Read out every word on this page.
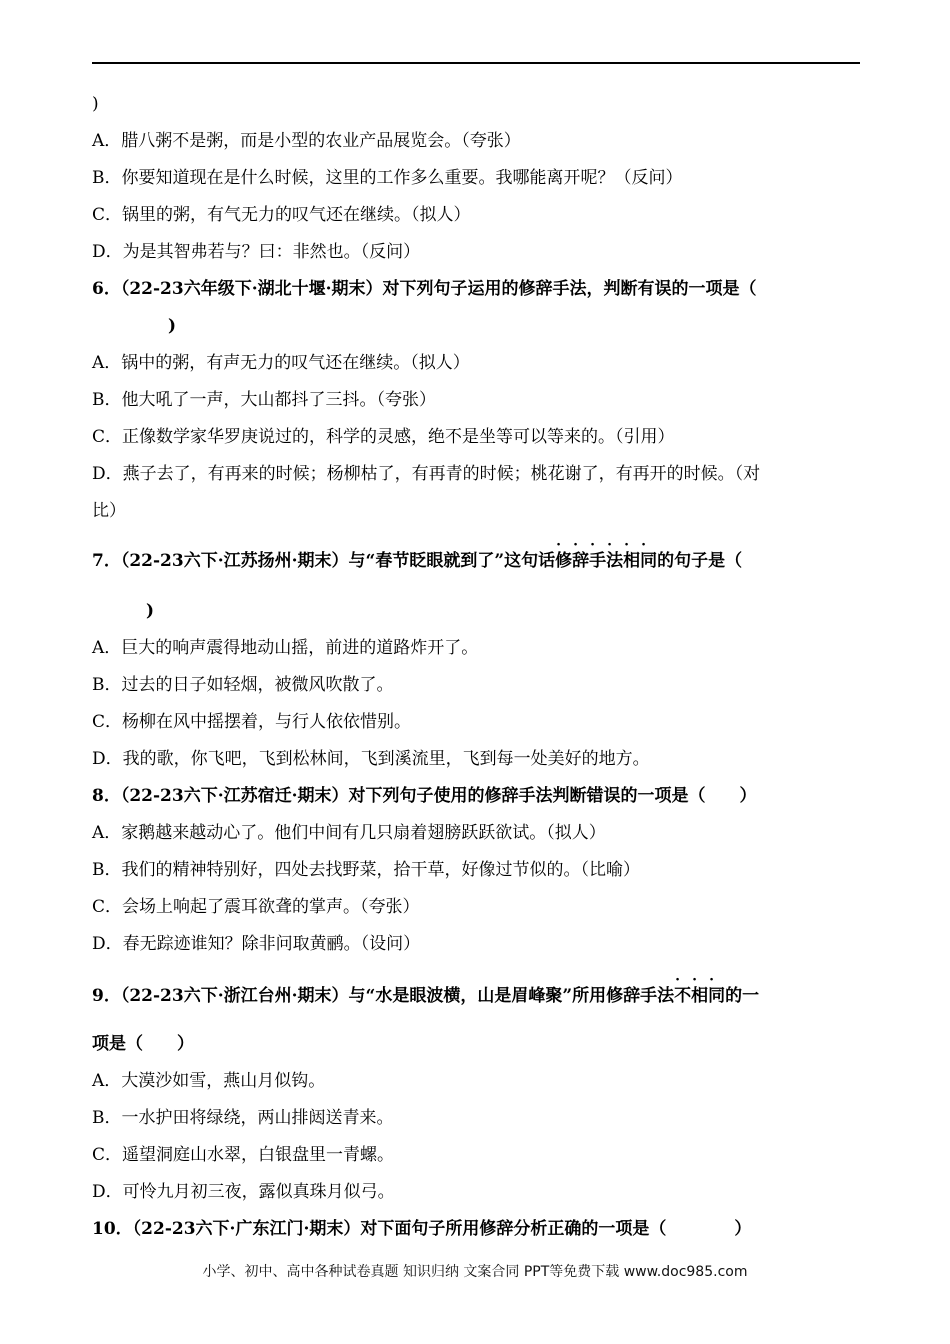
)
A．腊八粥不是粥，而是小型的农业产品展览会。（夸张）
B．你要知道现在是什么时候，这里的工作多么重要。我哪能离开呢？（反问）
C．锅里的粥，有气无力的叹气还在继续。（拟人）
D．为是其智弗若与？曰：非然也。（反问）
6．（22-23六年级下·湖北十堰·期末）对下列句子运用的修辞手法，判断有误的一项是（
)
A．锅中的粥，有声无力的叹气还在继续。（拟人）
B．他大吼了一声，大山都抖了三抖。（夸张）
C．正像数学家华罗庚说过的，科学的灵感，绝不是坐等可以等来的。（引用）
D．燕子去了，有再来的时候；杨柳枯了，有再青的时候；桃花谢了，有再开的时候。（对
比）
7．（22-23六下·江苏扬州·期末）与“春节眨眼就到了”这句话
· · · · · ·
修辞手法相同的句子是（
)
A．巨大的响声震得地动山摇，前进的道路炸开了。
B．过去的日子如轻烟，被微风吹散了。
C．杨柳在风中摇摆着，与行人依依惜别。
D．我的歌，你飞吧，飞到松林间，飞到溪流里，飞到每一处美好的地方。
8．（22-23六下·江苏宿迁·期末）对下列句子使用的修辞手法判断错误的一项是（　　）
A．家鹅越来越动心了。他们中间有几只扇着翅膀跃跃欲试。（拟人）
B．我们的精神特别好，四处去找野菜，拾干草，好像过节似的。（比喻）
C．会场上响起了震耳欲聋的掌声。（夸张）
D．春无踪迹谁知？除非问取黄鹂。（设问）
9．（22-23六下·浙江台州·期末）与“水是眼波横，山是眉峰聚”所用修辞手法
· · ·
不相同的一
项是（　　）
A．大漠沙如雪，燕山月似钩。
B．一水护田将绿绕，两山排闼送青来。
C．遥望洞庭山水翠，白银盘里一青螺。
D．可怜九月初三夜，露似真珠月似弓。
10．（22-23六下·广东江门·期末）对下面句子所用修辞分析正确的一项是（　　　　）
小学、初中、高中各种试卷真题 知识归纳 文案合同 PPT等免费下载 www.doc985.com
